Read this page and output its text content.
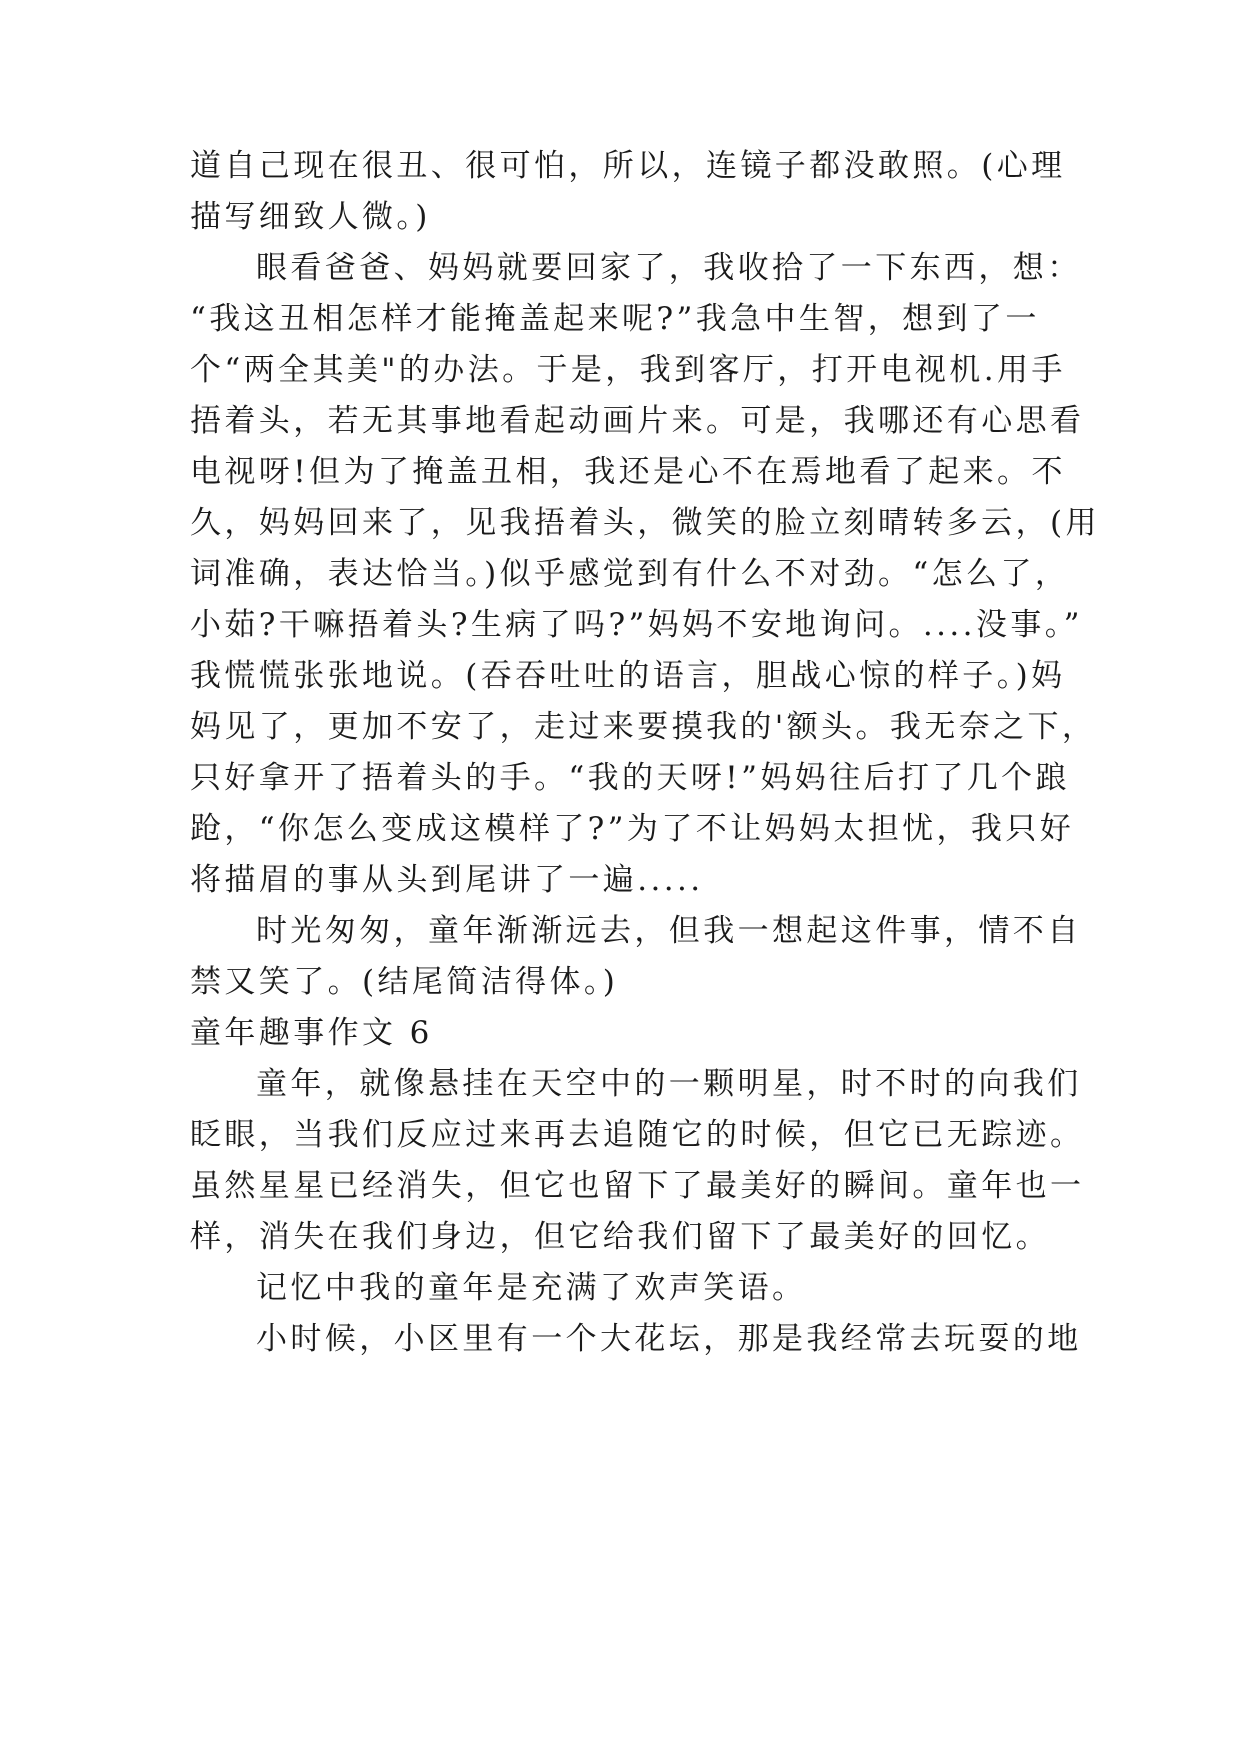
道自己现在很丑、很可怕，所以，连镜子都没敢照。(心理
描写细致人微。)
眼看爸爸、妈妈就要回家了，我收拾了一下东西，想：
“我这丑相怎样才能掩盖起来呢?”我急中生智，想到了一
个“两全其美"的办法。于是，我到客厅，打开电视机.用手
捂着头，若无其事地看起动画片来。可是，我哪还有心思看
电视呀!但为了掩盖丑相，我还是心不在焉地看了起来。不
久，妈妈回来了，见我捂着头，微笑的脸立刻晴转多云，(用
词准确，表达恰当。)似乎感觉到有什么不对劲。“怎么了，
小茹?干嘛捂着头?生病了吗?”妈妈不安地询问。....没事。”
我慌慌张张地说。(吞吞吐吐的语言，胆战心惊的样子。)妈
妈见了，更加不安了，走过来要摸我的'额头。我无奈之下，
只好拿开了捂着头的手。“我的天呀!”妈妈往后打了几个踉
跄，“你怎么变成这模样了?”为了不让妈妈太担忧，我只好
将描眉的事从头到尾讲了一遍.....
时光匆匆，童年渐渐远去，但我一想起这件事，情不自
禁又笑了。(结尾简洁得体。)
童年趣事作文 6
童年，就像悬挂在天空中的一颗明星，时不时的向我们
眨眼，当我们反应过来再去追随它的时候，但它已无踪迹。
虽然星星已经消失，但它也留下了最美好的瞬间。童年也一
样，消失在我们身边，但它给我们留下了最美好的回忆。
记忆中我的童年是充满了欢声笑语。
小时候，小区里有一个大花坛，那是我经常去玩耍的地
